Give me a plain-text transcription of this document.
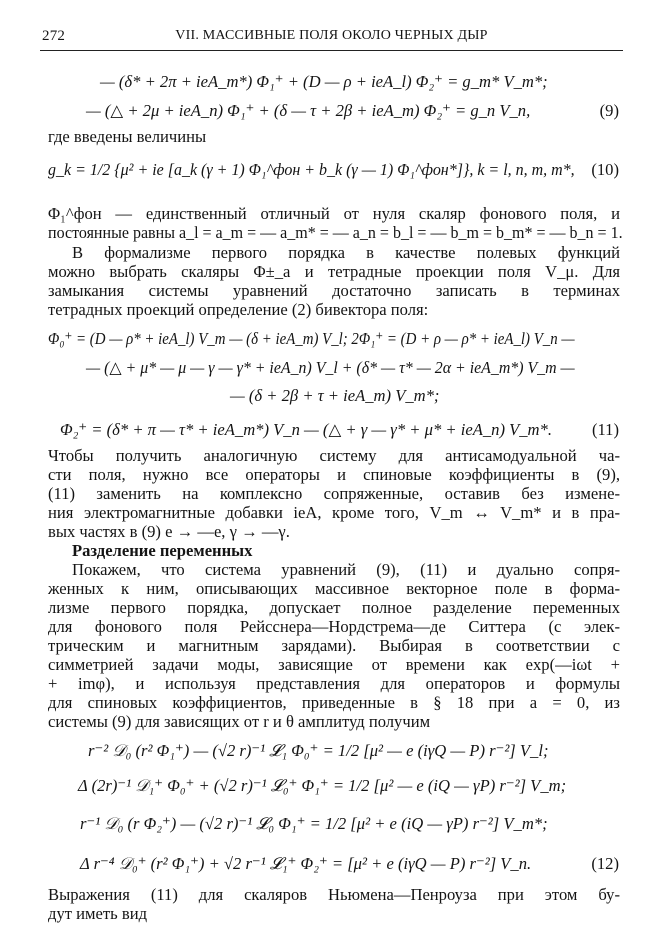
272	VII. МАССИВНЫЕ ПОЛЯ ОКОЛО ЧЕРНЫХ ДЫР
— (δ* + 2π + ieA_m*) Φ₁⁺ + (D — ρ + ieA_l) Φ₂⁺ = g_m* V_m*;
— (△ + 2μ + ieA_n) Φ₁⁺ + (δ — τ + 2β + ieA_m) Φ₂⁺ = g_n V_n,	(9)
где введены величины
g_k = 1/2 {μ² + ie [a_k (γ + 1) Φ₁^фон + b_k (γ — 1) Φ₁^фон*]}, k = l, n, m, m*, (10)
Φ₁^фон — единственный отличный от нуля скаляр фонового поля, и
постоянные равны a_l = a_m = — a_m* = — a_n = b_l = — b_m = b_m* = — b_n = 1.
В формализме первого порядка в качестве полевых функций
можно выбрать скаляры Φ±_a и тетрадные проекции поля V_μ. Для
замыкания системы уравнений достаточно записать в терминах
тетрадных проекций определение (2) бивектора поля:
Φ₀⁺ = (D — ρ* + ieA_l) V_m — (δ + ieA_m) V_l; 2Φ₁⁺ = (D + ρ — ρ* + ieA_l) V_n —
— (△ + μ* — μ — γ — γ* + ieA_n) V_l + (δ* — τ* — 2α + ieA_m*) V_m —
— (δ + 2β + τ + ieA_m) V_m*;
Φ₂⁺ = (δ* + π — τ* + ieA_m*) V_n — (△ + γ — γ* + μ* + ieA_n) V_m*. (11)
Чтобы получить аналогичную систему для антисамодуальной ча-
сти поля, нужно все операторы и спиновые коэффициенты в (9),
(11) заменить на комплексно сопряженные, оставив без измене-
ния электромагнитные добавки ieA, кроме того, V_m ↔ V_m* и в пра-
вых частях в (9) e → —e, γ → —γ.
Разделение переменных
Покажем, что система уравнений (9), (11) и дуально сопря-
женных к ним, описывающих массивное векторное поле в форма-
лизме первого порядка, допускает полное разделение переменных
для фонового поля Рейсснера—Нордстрема—де Ситтера (с элек-
трическим и магнитным зарядами). Выбирая в соответствии с
симметрией задачи моды, зависящие от времени как exp(—iωt +
+ imφ), и используя представления для операторов и формулы
для спиновых коэффициентов, приведенные в § 18 при a = 0, из
системы (9) для зависящих от r и θ амплитуд получим
r⁻² 𝒟₀ (r² Φ₁⁺) — (√2 r)⁻¹ 𝓛₁ Φ₀⁺ = 1/2 [μ² — e (iγQ — P) r⁻²] V_l;
Δ (2r)⁻¹ 𝒟₁⁺ Φ₀⁺ + (√2 r)⁻¹ 𝓛₀⁺ Φ₁⁺ = 1/2 [μ² — e (iQ — γP) r⁻²] V_m;
r⁻¹ 𝒟₀ (r Φ₂⁺) — (√2 r)⁻¹ 𝓛₀ Φ₁⁺ = 1/2 [μ² + e (iQ — γP) r⁻²] V_m*;
Δ r⁻⁴ 𝒟₀⁺ (r² Φ₁⁺) + √2 r⁻¹ 𝓛₁⁺ Φ₂⁺ = [μ² + e (iγQ — P) r⁻²] V_n.	(12)
Выражения (11) для скаляров Ньюмена—Пенроуза при этом бу-
дут иметь вид
